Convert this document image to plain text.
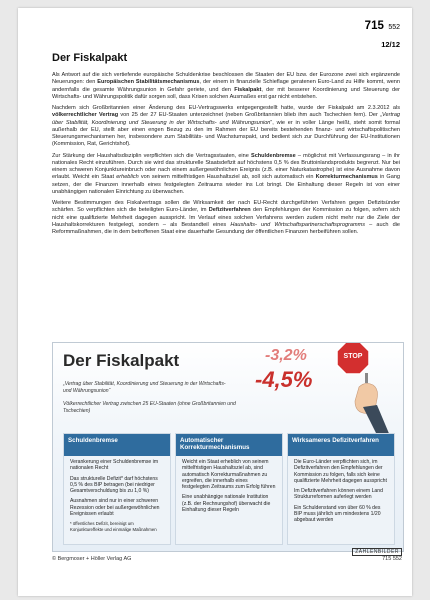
715 552
12/12
Der Fiskalpakt

Als Antwort auf die sich vertiefende europäische Schuldenkrise beschlossen die Staaten der EU bzw. der Eurozone zwei sich ergänzende Neuerungen: den Europäischen Stabilitätsmechanismus, der einem in finanzielle Schieflage geratenen Euro-Land zu Hilfe kommt, wenn andernfalls die gesamte Währungsunion in Gefahr geriete, und den Fiskalpakt, der mit besserer Koordinierung und Steuerung der Wirtschafts- und Währungspolitik dafür sorgen soll, dass Krisen solchen Ausmaßes erst gar nicht entstehen.

Nachdem sich Großbritannien einer Änderung des EU-Vertragswerks entgegengestellt hatte, wurde der Fiskalpakt am 2.3.2012 als völkerrechtlicher Vertrag von 25 der 27 EU-Staaten unterzeichnet (neben Großbritannien blieb ihm auch Tschechien fern). Der „Vertrag über Stabilität, Koordinierung und Steuerung in der Wirtschafts- und Währungsunion“, wie er in voller Länge heißt, steht somit formal außerhalb der EU, stellt aber einen engen Bezug zu den im Rahmen der EU bereits bestehenden finanz- und wirtschaftspolitischen Steuerungsmechanismen her, insbesondere zum Stabilitäts- und Wachstumspakt, und bedient sich zur Durchführung der EU-Institutionen (Kommission, Rat, Gerichtshof).

Zur Stärkung der Haushaltsdisziplin verpflichten sich die Vertragsstaaten, eine Schuldenbremse – möglichst mit Verfassungsrang – in ihr nationales Recht einzuführen. Durch sie wird das strukturelle Staatsdefizit auf höchstens 0,5 % des Bruttoinlandsprodukts begrenzt. Nur bei einem schweren Konjunktureinbruch oder nach einem außergewöhnlichen Ereignis (z.B. einer Naturkatastrophe) ist eine Ausnahme davon erlaubt. Weicht ein Staat erheblich von seinem mittelfristigen Haushaltsziel ab, soll sich automatisch ein Korrekturmechanismus in Gang setzen, der die Finanzen innerhalb eines festgelegten Zeitraums wieder ins Lot bringt. Die Einhaltung dieser Regeln ist von einer unabhängigen nationalen Einrichtung zu überwachen.

Weitere Bestimmungen des Fiskalvertrags sollen die Wirksamkeit der nach EU-Recht durchgeführten Verfahren gegen Defizitsünder schärfen. So verpflichten sich die beteiligten Euro-Länder, im Defizitverfahren den Empfehlungen der Kommission zu folgen, sofern sich nicht eine qualifizierte Mehrheit dagegen ausspricht. Im Verlauf eines solchen Verfahrens werden zudem nicht mehr nur die Ziele der Haushaltskorrekturen festgelegt, sondern – als Bestandteil eines Haushalts- und Wirtschaftspartnerschaftsprogramms – auch die Reformmaßnahmen, die in dem betroffenen Staat eine dauerhafte Gesundung der öffentlichen Finanzen herbeiführen sollen.

Der Fiskalpakt
„Vertrag über Stabilität, Koordinierung und Steuerung in der Wirtschafts- und Währungsunion“
Völkerrechtlicher Vertrag zwischen 25 EU-Staaten (ohne Großbritannien und Tschechien)
-3,2%
-4,5%
STOP
Schuldenbremse

Verankerung einer Schuldenbremse im nationalen Recht

Das strukturelle Defizit* darf höchstens 0,5 % des BIP betragen (bei niedriger Gesamtverschuldung bis zu 1,0 %)

Ausnahmen sind nur in einer schweren Rezession oder bei außergewöhnlichen Ereignissen erlaubt

* öffentliches Defizit, bereinigt um Konjunktureffekte und einmalige Maßnahmen

Automatischer Korrekturmechanismus

Weicht ein Staat erheblich von seinem mittelfristigen Haushaltsziel ab, sind automatisch Korrekturmaßnahmen zu ergreifen, die innerhalb eines festgelegten Zeitraums zum Erfolg führen

Eine unabhängige nationale Institution (z.B. der Rechnungshof) überwacht die Einhaltung dieser Regeln

Wirksameres Defizitverfahren

Die Euro-Länder verpflichten sich, im Defizitverfahren den Empfehlungen der Kommission zu folgen, falls sich keine qualifizierte Mehrheit dagegen ausspricht

Im Defizitverfahren können einem Land Strukturreformen auferlegt werden

Ein Schuldenstand von über 60 % des BIP muss jährlich um mindestens 1/20 abgebaut werden

© Bergmoser + Höller Verlag AG
ZAHLENBILDER
715 552
